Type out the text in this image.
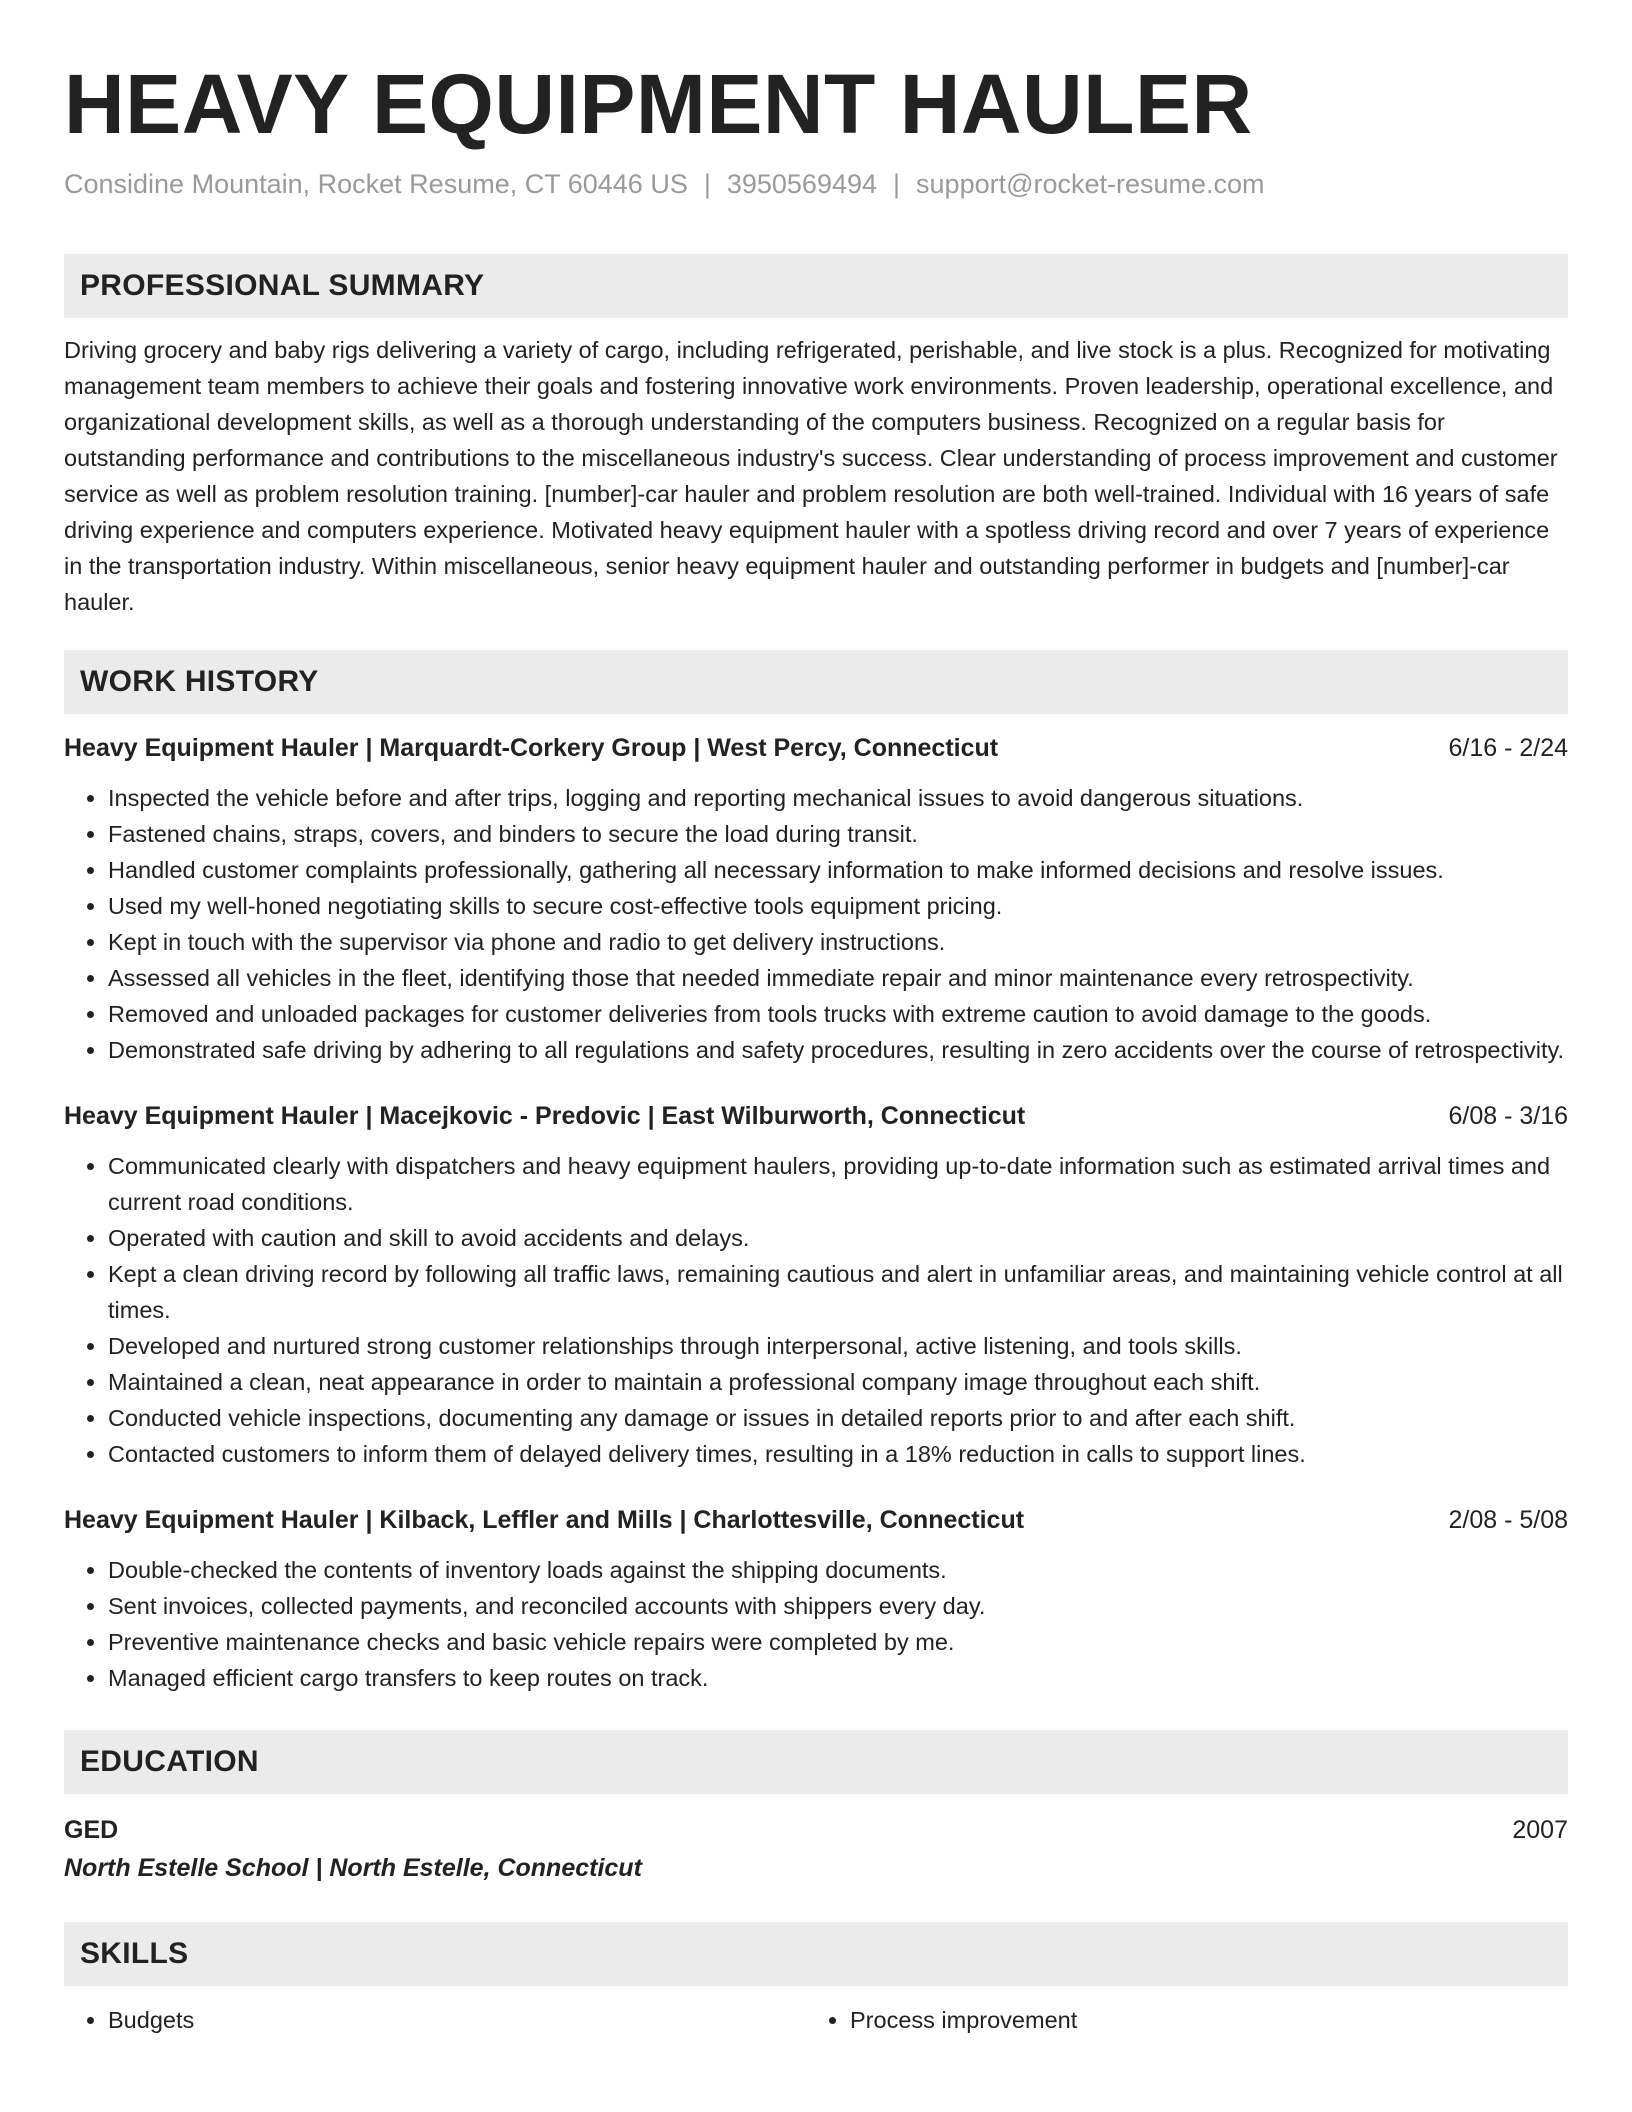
HEAVY EQUIPMENT HAULER
Considine Mountain, Rocket Resume, CT 60446 US | 3950569494 | support@rocket-resume.com
PROFESSIONAL SUMMARY
Driving grocery and baby rigs delivering a variety of cargo, including refrigerated, perishable, and live stock is a plus. Recognized for motivating management team members to achieve their goals and fostering innovative work environments. Proven leadership, operational excellence, and organizational development skills, as well as a thorough understanding of the computers business. Recognized on a regular basis for outstanding performance and contributions to the miscellaneous industry's success. Clear understanding of process improvement and customer service as well as problem resolution training. [number]-car hauler and problem resolution are both well-trained. Individual with 16 years of safe driving experience and computers experience. Motivated heavy equipment hauler with a spotless driving record and over 7 years of experience in the transportation industry. Within miscellaneous, senior heavy equipment hauler and outstanding performer in budgets and [number]-car hauler.
WORK HISTORY
Heavy Equipment Hauler | Marquardt-Corkery Group | West Percy, Connecticut	6/16 - 2/24
• Inspected the vehicle before and after trips, logging and reporting mechanical issues to avoid dangerous situations.
• Fastened chains, straps, covers, and binders to secure the load during transit.
• Handled customer complaints professionally, gathering all necessary information to make informed decisions and resolve issues.
• Used my well-honed negotiating skills to secure cost-effective tools equipment pricing.
• Kept in touch with the supervisor via phone and radio to get delivery instructions.
• Assessed all vehicles in the fleet, identifying those that needed immediate repair and minor maintenance every retrospectivity.
• Removed and unloaded packages for customer deliveries from tools trucks with extreme caution to avoid damage to the goods.
• Demonstrated safe driving by adhering to all regulations and safety procedures, resulting in zero accidents over the course of retrospectivity.
Heavy Equipment Hauler | Macejkovic - Predovic | East Wilburworth, Connecticut	6/08 - 3/16
• Communicated clearly with dispatchers and heavy equipment haulers, providing up-to-date information such as estimated arrival times and current road conditions.
• Operated with caution and skill to avoid accidents and delays.
• Kept a clean driving record by following all traffic laws, remaining cautious and alert in unfamiliar areas, and maintaining vehicle control at all times.
• Developed and nurtured strong customer relationships through interpersonal, active listening, and tools skills.
• Maintained a clean, neat appearance in order to maintain a professional company image throughout each shift.
• Conducted vehicle inspections, documenting any damage or issues in detailed reports prior to and after each shift.
• Contacted customers to inform them of delayed delivery times, resulting in a 18% reduction in calls to support lines.
Heavy Equipment Hauler | Kilback, Leffler and Mills | Charlottesville, Connecticut	2/08 - 5/08
• Double-checked the contents of inventory loads against the shipping documents.
• Sent invoices, collected payments, and reconciled accounts with shippers every day.
• Preventive maintenance checks and basic vehicle repairs were completed by me.
• Managed efficient cargo transfers to keep routes on track.
EDUCATION
GED	2007
North Estelle School | North Estelle, Connecticut
SKILLS
• Budgets
•	Process improvement
